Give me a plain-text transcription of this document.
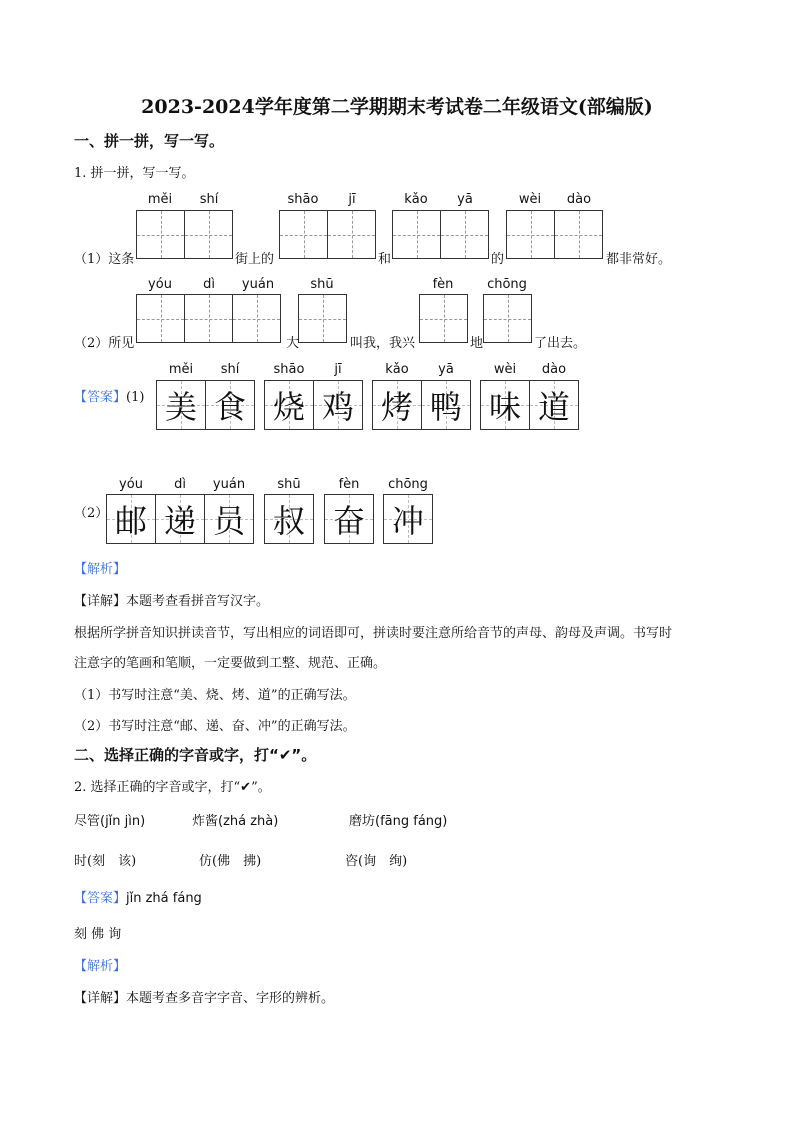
2023-2024学年度第二学期期末考试卷二年级语文(部编版)
一、拼一拼，写一写。
1. 拼一拼，写一写。
měi	shí	shāo	jī	kǎo	yā	wèi	dào
（1）这条	街上的	和	的	都非常好。
yóu	dì	yuán	shū	fèn	chōng
（2）所见	大	叫我，我兴	地	了出去。
【答案】(1)
měi	shí	shāo	jī	kǎo	yā	wèi	dào
美 食 烧 鸡 烤 鸭 味 道
（2）
yóu	dì	yuán	shū	fèn	chōng
邮 递 员 叔 奋 冲
【解析】
【详解】本题考查看拼音写汉字。
根据所学拼音知识拼读音节，写出相应的词语即可，拼读时要注意所给音节的声母、韵母及声调。书写时
注意字的笔画和笔顺，一定要做到工整、规范、正确。
（1）书写时注意“美、烧、烤、道”的正确写法。
（2）书写时注意“邮、递、奋、冲”的正确写法。
二、选择正确的字音或字，打“✔”。
2. 选择正确的字音或字，打“✔”。
尽管(jǐn jìn)	炸酱(zhá zhà)	磨坊(fāng fáng)
时(刻　该)	仿(佛　拂)	咨(询　绚)
【答案】jǐn zhá fáng
刻 佛 询
【解析】
【详解】本题考查多音字字音、字形的辨析。
